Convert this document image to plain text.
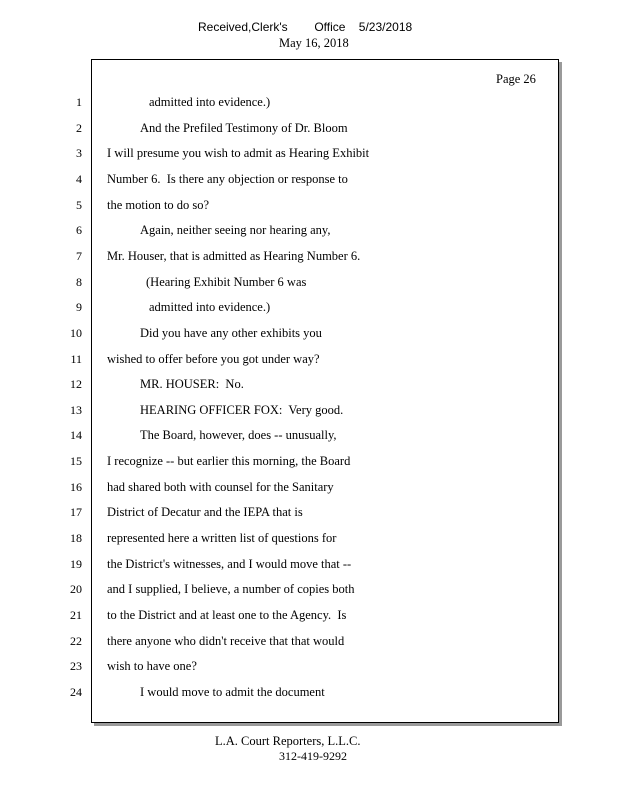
Received,Clerk's        Office    5/23/2018
May 16, 2018
Page 26
1	admitted into evidence.)
2	And the Prefiled Testimony of Dr. Bloom
3 I will presume you wish to admit as Hearing Exhibit
4 Number 6.  Is there any objection or response to
5 the motion to do so?
6	Again, neither seeing nor hearing any,
7 Mr. Houser, that is admitted as Hearing Number 6.
8	(Hearing Exhibit Number 6 was
9	admitted into evidence.)
10	Did you have any other exhibits you
11 wished to offer before you got under way?
12	MR. HOUSER:  No.
13	HEARING OFFICER FOX:  Very good.
14	The Board, however, does -- unusually,
15 I recognize -- but earlier this morning, the Board
16 had shared both with counsel for the Sanitary
17 District of Decatur and the IEPA that is
18 represented here a written list of questions for
19 the District's witnesses, and I would move that --
20 and I supplied, I believe, a number of copies both
21 to the District and at least one to the Agency.  Is
22 there anyone who didn't receive that that would
23 wish to have one?
24	I would move to admit the document
L.A. Court Reporters, L.L.C.
312-419-9292
